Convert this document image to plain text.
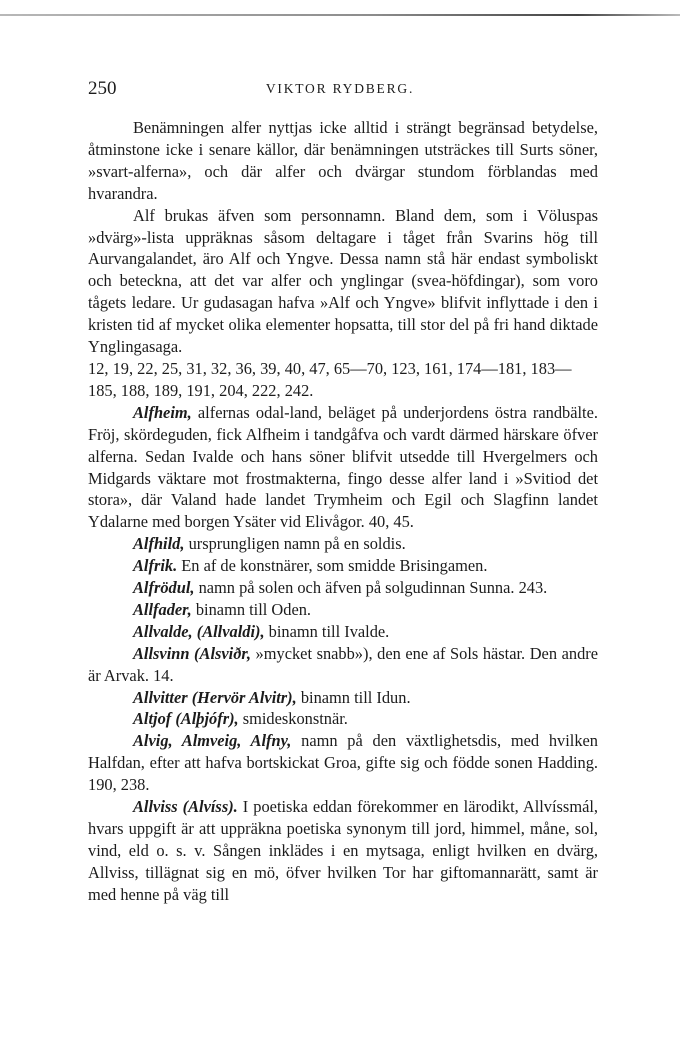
250	VIKTOR RYDBERG.

Benämningen alfer nyttjas icke alltid i strängt begränsad betydelse, åtminstone icke i senare källor, där benämningen utsträckes till Surts söner, »svart-alferna», och där alfer och dvärgar stundom förblandas med hvarandra.

Alf brukas äfven som personnamn. Bland dem, som i Völuspas »dvärg»-lista uppräknas såsom deltagare i tåget från Svarins hög till Aurvangalandet, äro Alf och Yngve. Dessa namn stå här endast symboliskt och beteckna, att det var alfer och ynglingar (svea-höfdingar), som voro tågets ledare. Ur gudasagan hafva »Alf och Yngve» blifvit inflyttade i den i kristen tid af mycket olika elementer hopsatta, till stor del på fri hand diktade Ynglingasaga.

12, 19, 22, 25, 31, 32, 36, 39, 40, 47, 65—70, 123, 161, 174—181, 183—185, 188, 189, 191, 204, 222, 242.

Alfheim, alfernas odal-land, beläget på underjordens östra randbälte. Fröj, skördeguden, fick Alfheim i tandgåfva och vardt därmed härskare öfver alferna. Sedan Ivalde och hans söner blifvit utsedde till Hvergelmers och Midgards väktare mot frostmakterna, fingo desse alfer land i »Svitiod det stora», där Valand hade landet Trymheim och Egil och Slagfinn landet Ydalarne med borgen Ysäter vid Elivågor. 40, 45.

Alfhild, ursprungligen namn på en soldis.

Alfrik. En af de konstnärer, som smidde Brisingamen.

Alfrödul, namn på solen och äfven på solgudinnan Sunna. 243.

Allfader, binamn till Oden.

Allvalde, (Allvaldi), binamn till Ivalde.

Allsvinn (Alsviðr, »mycket snabb»), den ene af Sols hästar. Den andre är Arvak. 14.

Allvitter (Hervör Alvitr), binamn till Idun.

Altjof (Alþjófr), smideskonstnär.

Alvig, Almveig, Alfny, namn på den växtlighetsdis, med hvilken Halfdan, efter att hafva bortskickat Groa, gifte sig och födde sonen Hadding. 190, 238.

Allviss (Alvíss). I poetiska eddan förekommer en lärodikt, Allvíssmál, hvars uppgift är att uppräkna poetiska synonym till jord, himmel, måne, sol, vind, eld o. s. v. Sången inklädes i en mytsaga, enligt hvilken en dvärg, Allviss, tillägnat sig en mö, öfver hvilken Tor har giftomannarätt, samt är med henne på väg till
